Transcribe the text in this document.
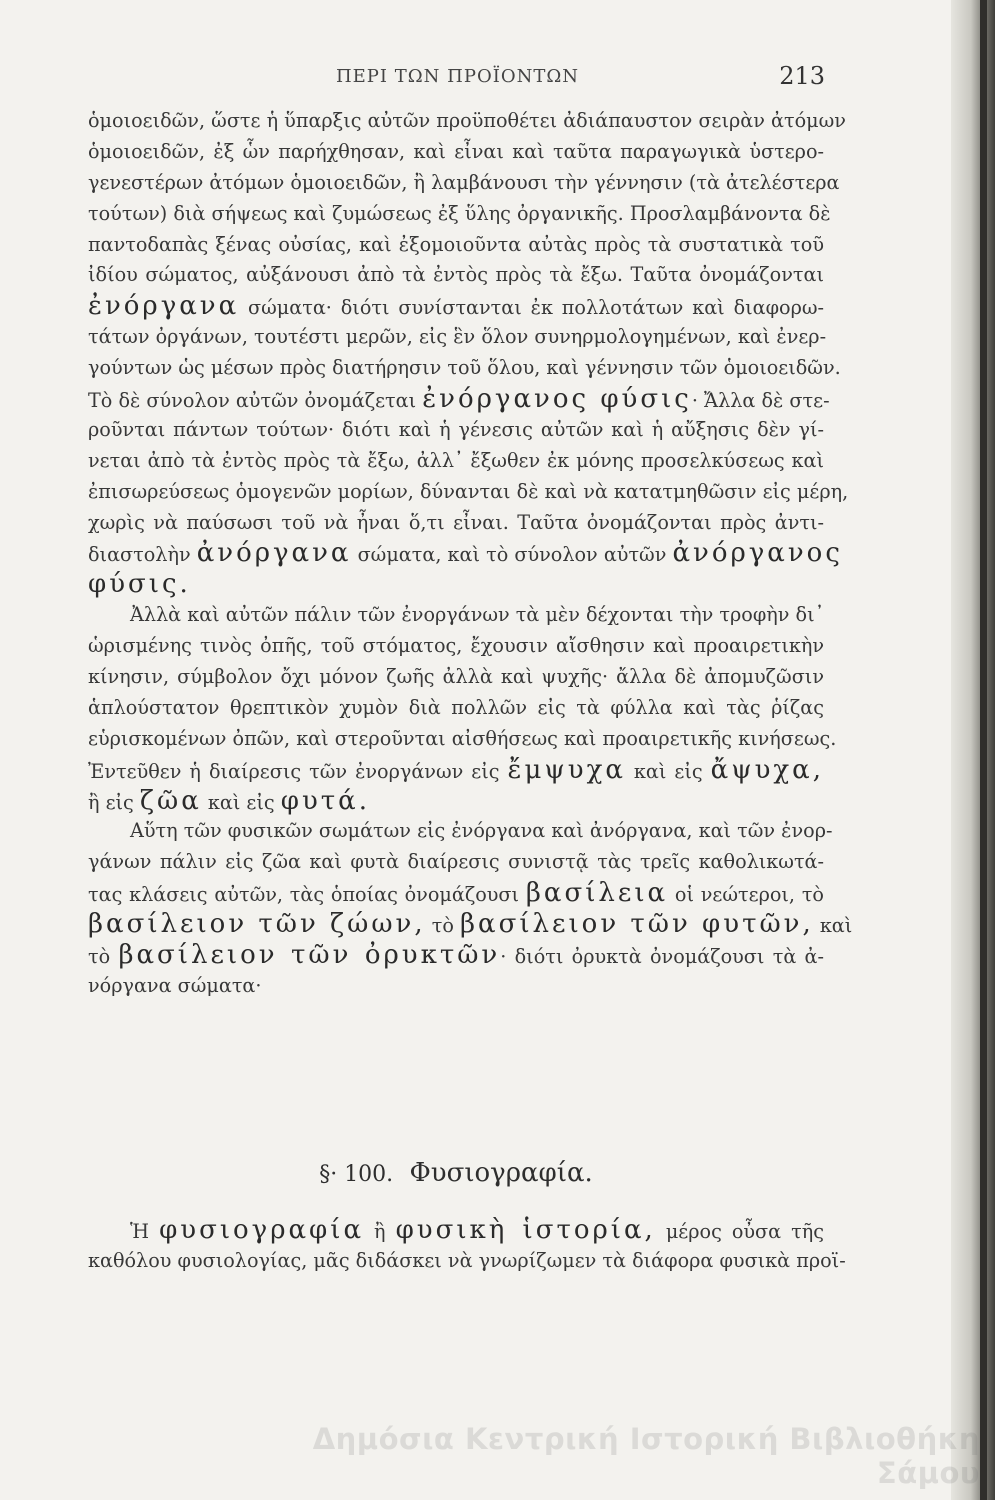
ΠΕΡΙ ΤΩΝ ΠΡΟΪΟΝΤΩΝ	213
ὁμοιοειδῶν, ὥστε ἡ ὕπαρξις αὐτῶν προϋποθέτει ἀδιάπαυστον σειρὰν ἀτόμων
ὁμοιοειδῶν, ἐξ ὧν παρήχθησαν, καὶ εἶναι καὶ ταῦτα παραγωγικὰ ὑστερο-
γενεστέρων ἀτόμων ὁμοιοειδῶν, ἢ λαμβάνουσι τὴν γέννησιν (τὰ ἀτελέστερα
τούτων) διὰ σήψεως καὶ ζυμώσεως ἐξ ὕλης ὀργανικῆς. Προσλαμβάνοντα δὲ
παντοδαπὰς ξένας οὐσίας, καὶ ἐξομοιοῦντα αὐτὰς πρὸς τὰ συστατικὰ τοῦ
ἰδίου σώματος, αὐξάνουσι ἀπὸ τὰ ἐντὸς πρὸς τὰ ἔξω. Ταῦτα ὀνομάζονται
ἐνόργανα σώματα· διότι συνίστανται ἐκ πολλοτάτων καὶ διαφορω-
τάτων ὀργάνων, τουτέστι μερῶν, εἰς ἓν ὅλον συνηρμολογημένων, καὶ ἐνερ-
γούντων ὡς μέσων πρὸς διατήρησιν τοῦ ὅλου, καὶ γέννησιν τῶν ὁμοιοειδῶν.
Τὸ δὲ σύνολον αὐτῶν ὀνομάζεται ἐνόργανος φύσις· Ἄλλα δὲ στε-
ροῦνται πάντων τούτων· διότι καὶ ἡ γένεσις αὐτῶν καὶ ἡ αὔξησις δὲν γί-
νεται ἀπὸ τὰ ἐντὸς πρὸς τὰ ἔξω, ἀλλ᾽ ἔξωθεν ἐκ μόνης προσελκύσεως καὶ
ἐπισωρεύσεως ὁμογενῶν μορίων, δύνανται δὲ καὶ νὰ κατατμηθῶσιν εἰς μέρη,
χωρὶς νὰ παύσωσι τοῦ νὰ ἦναι ὅ,τι εἶναι. Ταῦτα ὀνομάζονται πρὸς ἀντι-
διαστολὴν ἀνόργανα σώματα, καὶ τὸ σύνολον αὐτῶν ἀνόργανος
φύσις.
Ἀλλὰ καὶ αὐτῶν πάλιν τῶν ἐνοργάνων τὰ μὲν δέχονται τὴν τροφὴν δι᾽
ὡρισμένης τινὸς ὀπῆς, τοῦ στόματος, ἔχουσιν αἴσθησιν καὶ προαιρετικὴν
κίνησιν, σύμβολον ὄχι μόνον ζωῆς ἀλλὰ καὶ ψυχῆς· ἄλλα δὲ ἀπομυζῶσιν
ἁπλούστατον θρεπτικὸν χυμὸν διὰ πολλῶν εἰς τὰ φύλλα καὶ τὰς ῥίζας
εὑρισκομένων ὀπῶν, καὶ στεροῦνται αἰσθήσεως καὶ προαιρετικῆς κινήσεως.
Ἐντεῦθεν ἡ διαίρεσις τῶν ἐνοργάνων εἰς ἔμψυχα καὶ εἰς ἄψυχα,
ἢ εἰς ζῶα καὶ εἰς φυτά.
Αὕτη τῶν φυσικῶν σωμάτων εἰς ἐνόργανα καὶ ἀνόργανα, καὶ τῶν ἐνορ-
γάνων πάλιν εἰς ζῶα καὶ φυτὰ διαίρεσις συνιστᾷ τὰς τρεῖς καθολικωτά-
τας κλάσεις αὐτῶν, τὰς ὁποίας ὀνομάζουσι βασίλεια οἱ νεώτεροι, τὸ
βασίλειον τῶν ζώων, τὸ βασίλειον τῶν φυτῶν, καὶ
τὸ βασίλειον τῶν ὀρυκτῶν· διότι ὀρυκτὰ ὀνομάζουσι τὰ ἀ-
νόργανα σώματα·
§· 100. Φυσιογραφία.
Ἡ φυσιογραφία ἢ φυσικὴ ἱστορία, μέρος οὖσα τῆς
καθόλου φυσιολογίας, μᾶς διδάσκει νὰ γνωρίζωμεν τὰ διάφορα φυσικὰ προϊ-
Δημόσια Κεντρική Ιστορική Βιβλιοθήκη Σάμου
